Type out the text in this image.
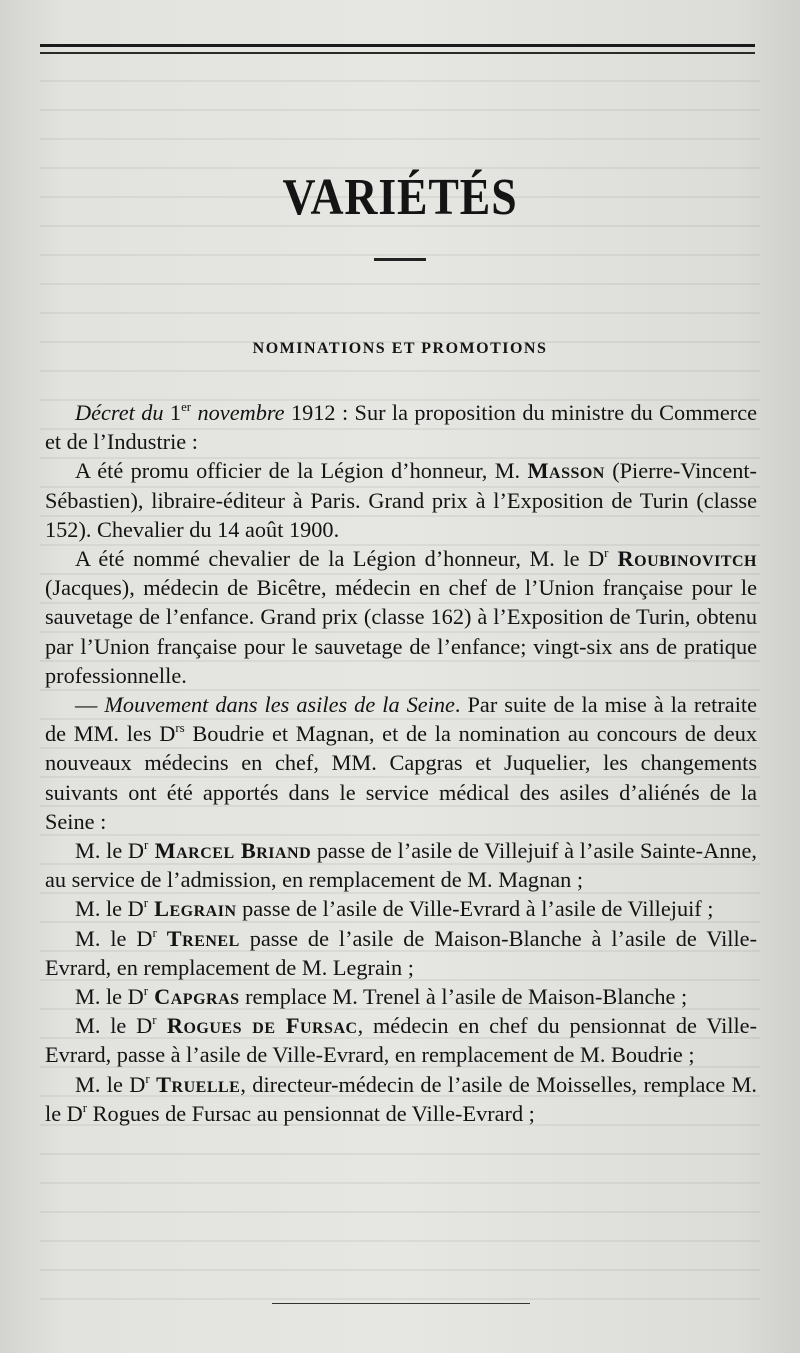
VARIÉTÉS
NOMINATIONS ET PROMOTIONS

Décret du 1er novembre 1912 : Sur la proposition du ministre du Commerce et de l’Industrie :

A été promu officier de la Légion d’honneur, M. Masson (Pierre-Vincent-Sébastien), libraire-éditeur à Paris. Grand prix à l’Exposition de Turin (classe 152). Chevalier du 14 août 1900.

A été nommé chevalier de la Légion d’honneur, M. le $D^r$ Roubinovitch (Jacques), médecin de Bicêtre, médecin en chef de l’Union française pour le sauvetage de l’enfance. Grand prix (classe 162) à l’Exposition de Turin, obtenu par l’Union française pour le sauvetage de l’enfance; vingt-six ans de pratique professionnelle.

— Mouvement dans les asiles de la Seine. Par suite de la mise à la retraite de MM. les $D^{rs}$ Boudrie et Magnan, et de la nomination au concours de deux nouveaux médecins en chef, MM. Capgras et Juquelier, les changements suivants ont été apportés dans le service médical des asiles d’aliénés de la Seine :

M. le $D^r$ Marcel Briand passe de l’asile de Villejuif à l’asile Sainte-Anne, au service de l’admission, en remplacement de M. Magnan ;

M. le $D^r$ Legrain passe de l’asile de Ville-Evrard à l’asile de Villejuif ;

M. le $D^r$ Trenel passe de l’asile de Maison-Blanche à l’asile de Ville-Evrard, en remplacement de M. Legrain ;

M. le $D^r$ Capgras remplace M. Trenel à l’asile de Maison-Blanche ;

M. le $D^r$ Rogues de Fursac, médecin en chef du pensionnat de Ville-Evrard, passe à l’asile de Ville-Evrard, en remplacement de M. Boudrie ;

M. le $D^r$ Truelle, directeur-médecin de l’asile de Moisselles, remplace M. le $D^r$ Rogues de Fursac au pensionnat de Ville-Evrard ;
